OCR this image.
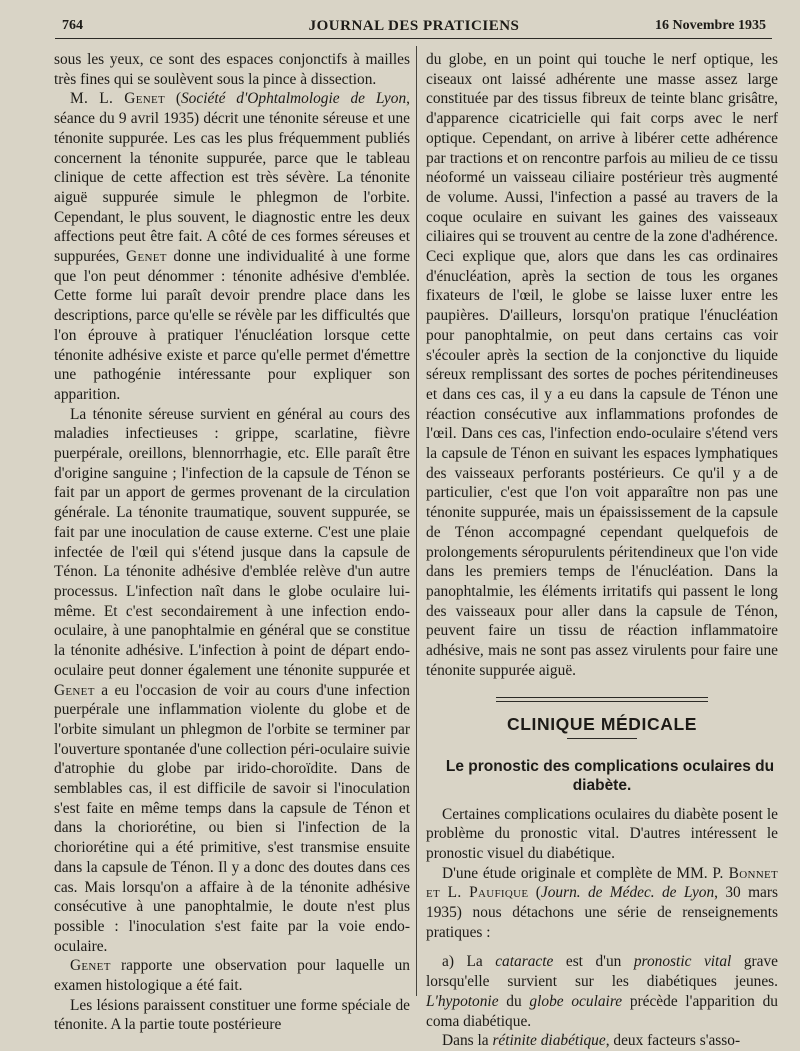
764	JOURNAL DES PRATICIENS	16 Novembre 1935

sous les yeux, ce sont des espaces conjonctifs à mailles très fines qui se soulèvent sous la pince à dissection.

M. L. Genet (Société d'Ophtalmologie de Lyon, séance du 9 avril 1935) décrit une ténonite séreuse et une ténonite suppurée. Les cas les plus fréquemment publiés concernent la ténonite suppurée, parce que le tableau clinique de cette affection est très sévère. La ténonite aiguë suppurée simule le phlegmon de l'orbite. Cependant, le plus souvent, le diagnostic entre les deux affections peut être fait. A côté de ces formes séreuses et suppurées, Genet donne une individualité à une forme que l'on peut dénommer : ténonite adhésive d'emblée. Cette forme lui paraît devoir prendre place dans les descriptions, parce qu'elle se révèle par les difficultés que l'on éprouve à pratiquer l'énucléation lorsque cette ténonite adhésive existe et parce qu'elle permet d'émettre une pathogénie intéressante pour expliquer son apparition.

La ténonite séreuse survient en général au cours des maladies infectieuses : grippe, scarlatine, fièvre puerpérale, oreillons, blennorrhagie, etc. Elle paraît être d'origine sanguine ; l'infection de la capsule de Ténon se fait par un apport de germes provenant de la circulation générale. La ténonite traumatique, souvent suppurée, se fait par une inoculation de cause externe. C'est une plaie infectée de l'œil qui s'étend jusque dans la capsule de Ténon. La ténonite adhésive d'emblée relève d'un autre processus. L'infection naît dans le globe oculaire lui-même. Et c'est secondairement à une infection endo-oculaire, à une panophtalmie en général que se constitue la ténonite adhésive. L'infection à point de départ endo-oculaire peut donner également une ténonite suppurée et Genet a eu l'occasion de voir au cours d'une infection puerpérale une inflammation violente du globe et de l'orbite simulant un phlegmon de l'orbite se terminer par l'ouverture spontanée d'une collection péri-oculaire suivie d'atrophie du globe par irido-choroïdite. Dans de semblables cas, il est difficile de savoir si l'inoculation s'est faite en même temps dans la capsule de Ténon et dans la choriorétine, ou bien si l'infection de la choriorétine qui a été primitive, s'est transmise ensuite dans la capsule de Ténon. Il y a donc des doutes dans ces cas. Mais lorsqu'on a affaire à de la ténonite adhésive consécutive à une panophtalmie, le doute n'est plus possible : l'inoculation s'est faite par la voie endo-oculaire.

Genet rapporte une observation pour laquelle un examen histologique a été fait.

Les lésions paraissent constituer une forme spéciale de ténonite. A la partie toute postérieure

du globe, en un point qui touche le nerf optique, les ciseaux ont laissé adhérente une masse assez large constituée par des tissus fibreux de teinte blanc grisâtre, d'apparence cicatricielle qui fait corps avec le nerf optique. Cependant, on arrive à libérer cette adhérence par tractions et on rencontre parfois au milieu de ce tissu néoformé un vaisseau ciliaire postérieur très augmenté de volume. Aussi, l'infection a passé au travers de la coque oculaire en suivant les gaines des vaisseaux ciliaires qui se trouvent au centre de la zone d'adhérence. Ceci explique que, alors que dans les cas ordinaires d'énucléation, après la section de tous les organes fixateurs de l'œil, le globe se laisse luxer entre les paupières. D'ailleurs, lorsqu'on pratique l'énucléation pour panophtalmie, on peut dans certains cas voir s'écouler après la section de la conjonctive du liquide séreux remplissant des sortes de poches péritendineuses et dans ces cas, il y a eu dans la capsule de Ténon une réaction consécutive aux inflammations profondes de l'œil. Dans ces cas, l'infection endo-oculaire s'étend vers la capsule de Ténon en suivant les espaces lymphatiques des vaisseaux perforants postérieurs. Ce qu'il y a de particulier, c'est que l'on voit apparaître non pas une ténonite suppurée, mais un épaississement de la capsule de Ténon accompagné cependant quelquefois de prolongements séropurulents péritendineux que l'on vide dans les premiers temps de l'énucléation. Dans la panophtalmie, les éléments irritatifs qui passent le long des vaisseaux pour aller dans la capsule de Ténon, peuvent faire un tissu de réaction inflammatoire adhésive, mais ne sont pas assez virulents pour faire une ténonite suppurée aiguë.

CLINIQUE MÉDICALE

Le pronostic des complications oculaires du diabète.

Certaines complications oculaires du diabète posent le problème du pronostic vital. D'autres intéressent le pronostic visuel du diabétique.

D'une étude originale et complète de MM. P. Bonnet et L. Paufique (Journ. de Médec. de Lyon, 30 mars 1935) nous détachons une série de renseignements pratiques :

a) La cataracte est d'un pronostic vital grave lorsqu'elle survient sur les diabétiques jeunes. L'hypotonie du globe oculaire précède l'apparition du coma diabétique.

Dans la rétinite diabétique, deux facteurs s'asso-
